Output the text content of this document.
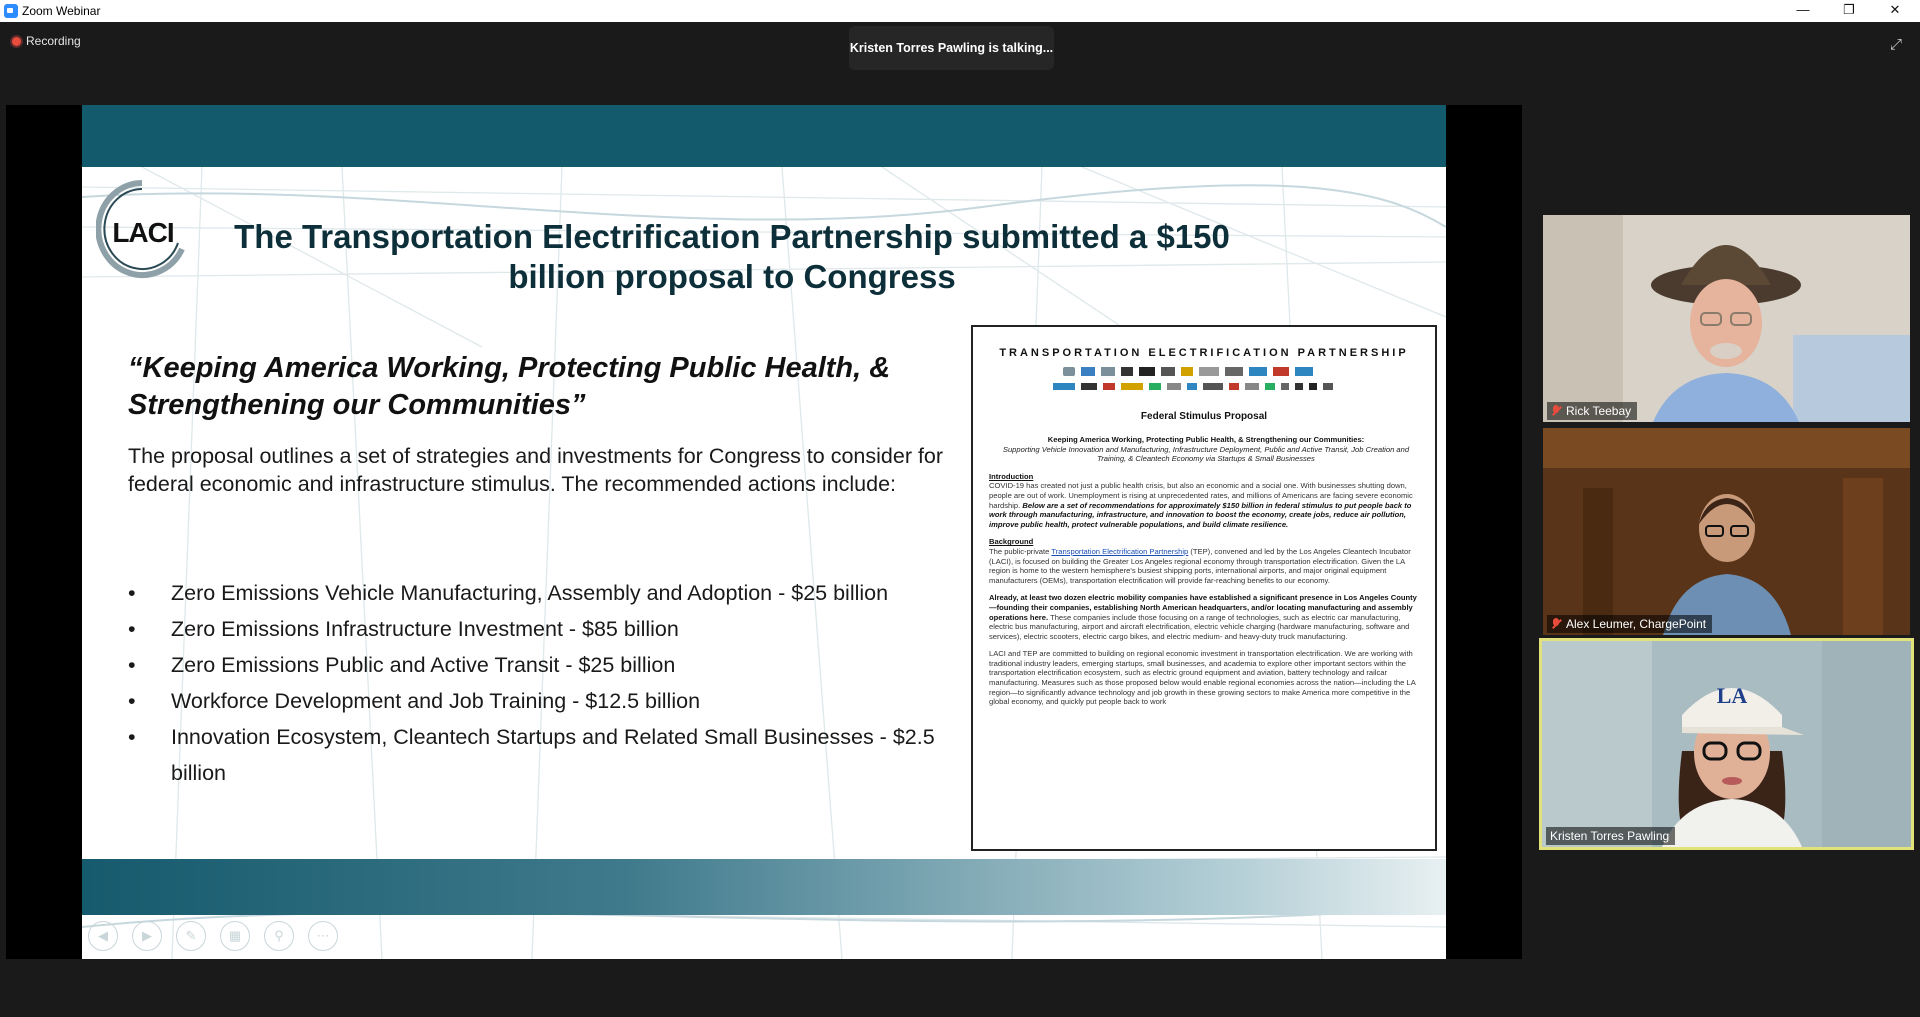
Zoom Webinar	—	❐	✕
Recording	Kristen Torres Pawling is talking...	⤢
LACI The Transportation Electrification Partnership submitted a $150 billion proposal to Congress
“Keeping America Working, Protecting Public Health, & Strengthening our Communities”
The proposal outlines a set of strategies and investments for Congress to consider for federal economic and infrastructure stimulus. The recommended actions include:
• Zero Emissions Vehicle Manufacturing, Assembly and Adoption - $25 billion
• Zero Emissions Infrastructure Investment - $85 billion
• Zero Emissions Public and Active Transit - $25 billion
• Workforce Development and Job Training - $12.5 billion
• Innovation Ecosystem, Cleantech Startups and Related Small Businesses - $2.5 billion
TRANSPORTATION ELECTRIFICATION PARTNERSHIP
Federal Stimulus Proposal

Keeping America Working, Protecting Public Health, & Strengthening our Communities:

Supporting Vehicle Innovation and Manufacturing, Infrastructure Deployment, Public and Active Transit, Job Creation and Training, & Cleantech Economy via Startups & Small Businesses

Introduction

COVID-19 has created not just a public health crisis, but also an economic and a social one. With businesses shutting down, people are out of work. Unemployment is rising at unprecedented rates, and millions of Americans are facing severe economic hardship. Below are a set of recommendations for approximately $150 billion in federal stimulus to put people back to work through manufacturing, infrastructure, and innovation to boost the economy, create jobs, reduce air pollution, improve public health, protect vulnerable populations, and build climate resilience.

Background

The public-private Transportation Electrification Partnership (TEP), convened and led by the Los Angeles Cleantech Incubator (LACI), is focused on building the Greater Los Angeles regional economy through transportation electrification. Given the LA region is home to the western hemisphere's busiest shipping ports, international airports, and major original equipment manufacturers (OEMs), transportation electrification will provide far-reaching benefits to our economy.

Already, at least two dozen electric mobility companies have established a significant presence in Los Angeles County—founding their companies, establishing North American headquarters, and/or locating manufacturing and assembly operations here. These companies include those focusing on a range of technologies, such as electric car manufacturing, electric bus manufacturing, airport and aircraft electrification, electric vehicle charging (hardware manufacturing, software and services), electric scooters, electric cargo bikes, and electric medium- and heavy-duty truck manufacturing.

LACI and TEP are committed to building on regional economic investment in transportation electrification. We are working with traditional industry leaders, emerging startups, small businesses, and academia to explore other important sectors within the transportation electrification ecosystem, such as electric ground equipment and aviation, battery technology and railcar manufacturing. Measures such as those proposed below would enable regional economies across the nation—including the LA region—to significantly advance technology and job growth in these growing sectors to make America more competitive in the global economy, and quickly put people back to work

◀	▶	✎	▦	⚲	⋯
Rick Teebay
Alex Leumer, ChargePoint
LA
Kristen Torres Pawling
